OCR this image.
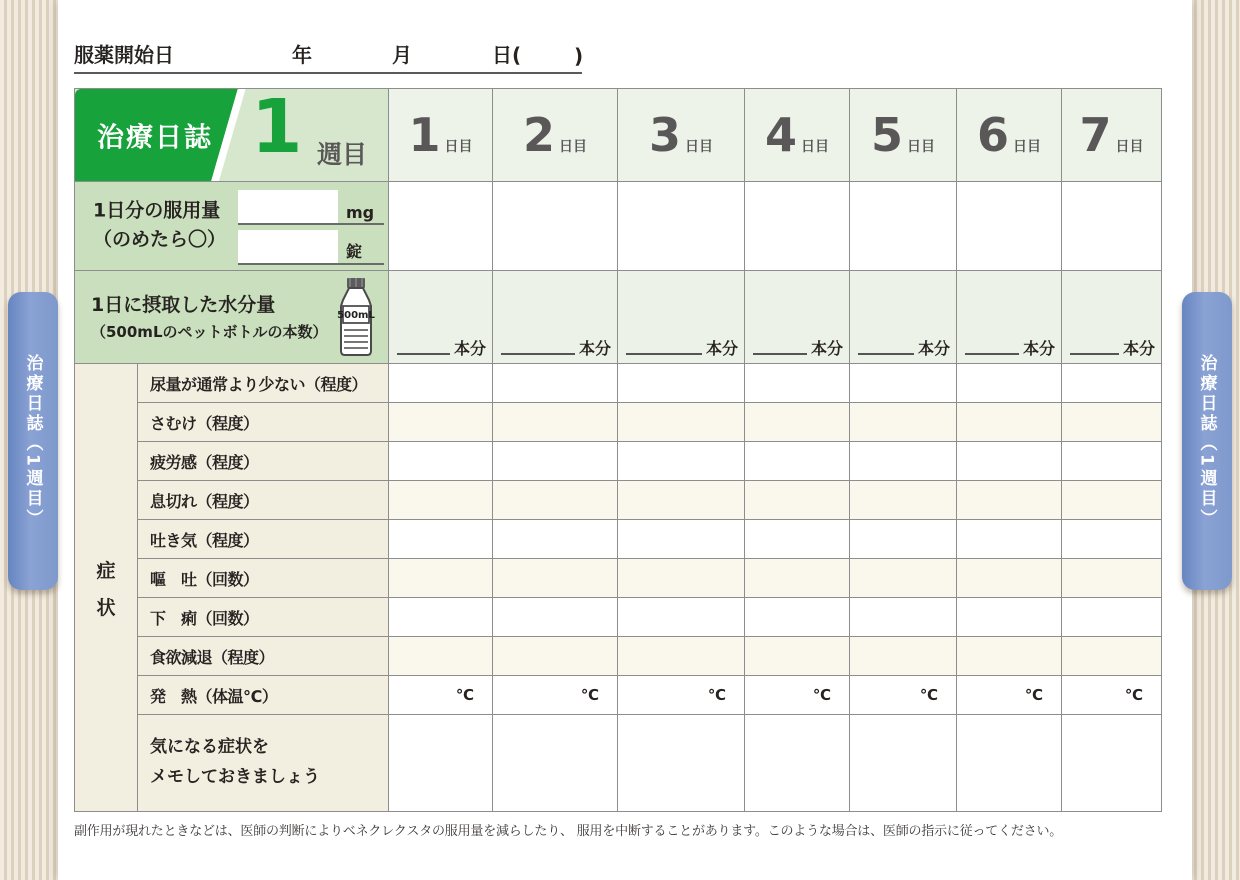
服薬開始日	年	月	日(	)
治療日誌 1 週目 1 日目 2 日目 3 日目 4 日目 5 日目 6 日目 7 日目
1日分の服用量
（のめたら〇）
mg
錠
1日に摂取した水分量
（500mLのペットボトルの本数）
500mL
本分	本分	本分	本分	本分	本分	本分
症
状
尿量が通常より少ない（程度）
さむけ（程度）
疲労感（程度）
息切れ（程度）
吐き気（程度）
嘔　吐（回数）
下　痢（回数）
食欲減退（程度）
発　熱（体温℃）	℃	℃	℃	℃	℃	℃	℃
気になる症状を
メモしておきましょう
副作用が現れたときなどは、医師の判断によりベネクレクスタの服用量を減らしたり、 服用を中断することがあります。このような場合は、医師の指示に従ってください。
治療日誌（1週目）	治療日誌（1週目）
